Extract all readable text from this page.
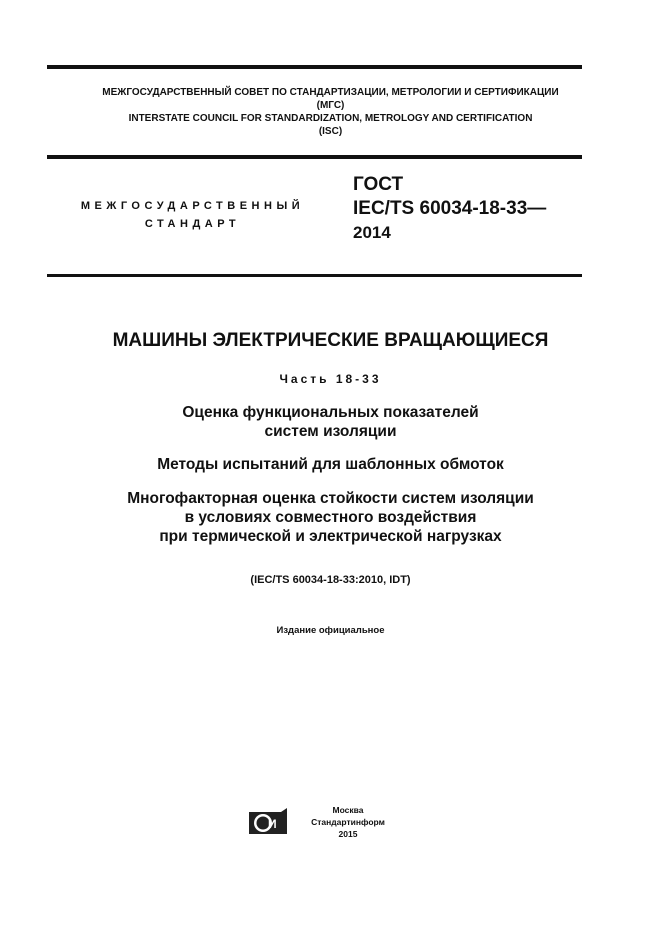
МЕЖГОСУДАРСТВЕННЫЙ СОВЕТ ПО СТАНДАРТИЗАЦИИ, МЕТРОЛОГИИ И СЕРТИФИКАЦИИ
(МГС)
INTERSTATE COUNCIL FOR STANDARDIZATION, METROLOGY AND CERTIFICATION
(ISC)
МЕЖГОСУДАРСТВЕННЫЙ
СТАНДАРТ
ГОСТ
IEC/TS 60034-18-33—
2014
МАШИНЫ ЭЛЕКТРИЧЕСКИЕ ВРАЩАЮЩИЕСЯ
Часть 18-33
Оценка функциональных показателей
систем изоляции
Методы испытаний для шаблонных обмоток
Многофакторная оценка стойкости систем изоляции
в условиях совместного воздействия
при термической и электрической нагрузках
(IEC/TS 60034-18-33:2010, IDT)
Издание официальное
И
Москва
Стандартинформ
2015
